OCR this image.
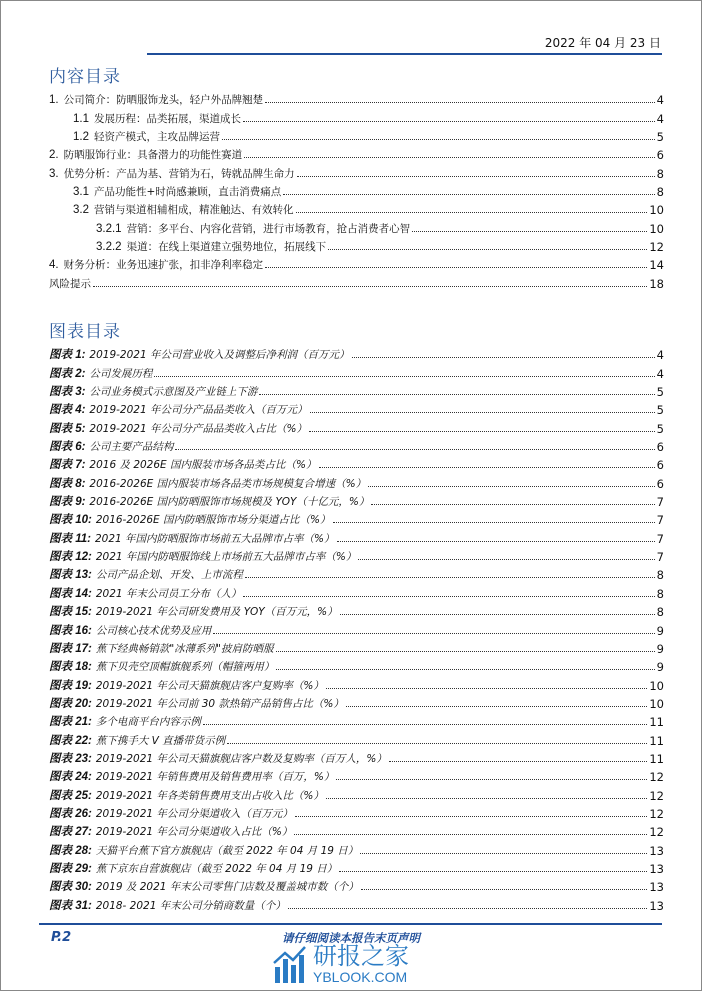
2022 年 04 月 23 日
内容目录
1. 公司简介：防晒服饰龙头，轻户外品牌翘楚	4
1.1 发展历程：品类拓展，渠道成长	4
1.2 轻资产模式，主攻品牌运营	5
2. 防晒服饰行业：具备潜力的功能性赛道	6
3. 优势分析：产品为基、营销为石，铸就品牌生命力	8
3.1 产品功能性+时尚感兼顾，直击消费痛点	8
3.2 营销与渠道相辅相成，精准触达、有效转化	10
3.2.1 营销：多平台、内容化营销，进行市场教育，抢占消费者心智	10
3.2.2 渠道：在线上渠道建立强势地位，拓展线下	12
4. 财务分析：业务迅速扩张，扣非净利率稳定	14
风险提示	18
图表目录
图表 1: 2019-2021 年公司营业收入及调整后净利润（百万元）	4
图表 2: 公司发展历程	4
图表 3: 公司业务模式示意图及产业链上下游	5
图表 4: 2019-2021 年公司分产品品类收入（百万元）	5
图表 5: 2019-2021 年公司分产品品类收入占比（%）	5
图表 6: 公司主要产品结构	6
图表 7: 2016 及 2026E 国内服装市场各品类占比（%）	6
图表 8: 2016-2026E 国内服装市场各品类市场规模复合增速（%）	6
图表 9: 2016-2026E 国内防晒服饰市场规模及 YOY（十亿元，%）	7
图表 10: 2016-2026E 国内防晒服饰市场分渠道占比（%）	7
图表 11: 2021 年国内防晒服饰市场前五大品牌市占率（%）	7
图表 12: 2021 年国内防晒服饰线上市场前五大品牌市占率（%）	7
图表 13: 公司产品企划、开发、上市流程	8
图表 14: 2021 年末公司员工分布（人）	8
图表 15: 2019-2021 年公司研发费用及 YOY（百万元，%）	8
图表 16: 公司核心技术优势及应用	9
图表 17: 蕉下经典畅销款"冰薄系列"披肩防晒服	9
图表 18: 蕉下贝壳空顶帽旗舰系列（帽箍两用）	9
图表 19: 2019-2021 年公司天猫旗舰店客户复购率（%）	10
图表 20: 2019-2021 年公司前 30 款热销产品销售占比（%）	10
图表 21: 多个电商平台内容示例	11
图表 22: 蕉下携手大 V 直播带货示例	11
图表 23: 2019-2021 年公司天猫旗舰店客户数及复购率（百万人，%）	11
图表 24: 2019-2021 年销售费用及销售费用率（百万，%）	12
图表 25: 2019-2021 年各类销售费用支出占收入比（%）	12
图表 26: 2019-2021 年公司分渠道收入（百万元）	12
图表 27: 2019-2021 年公司分渠道收入占比（%）	12
图表 28: 天猫平台蕉下官方旗舰店（截至 2022 年 04 月 19 日）	13
图表 29: 蕉下京东自营旗舰店（截至 2022 年 04 月 19 日）	13
图表 30: 2019 及 2021 年末公司零售门店数及覆盖城市数（个）	13
图表 31: 2018- 2021 年末公司分销商数量（个）	13
P.2	请仔细阅读本报告末页声明
研报之家
YBLOOK.COM
